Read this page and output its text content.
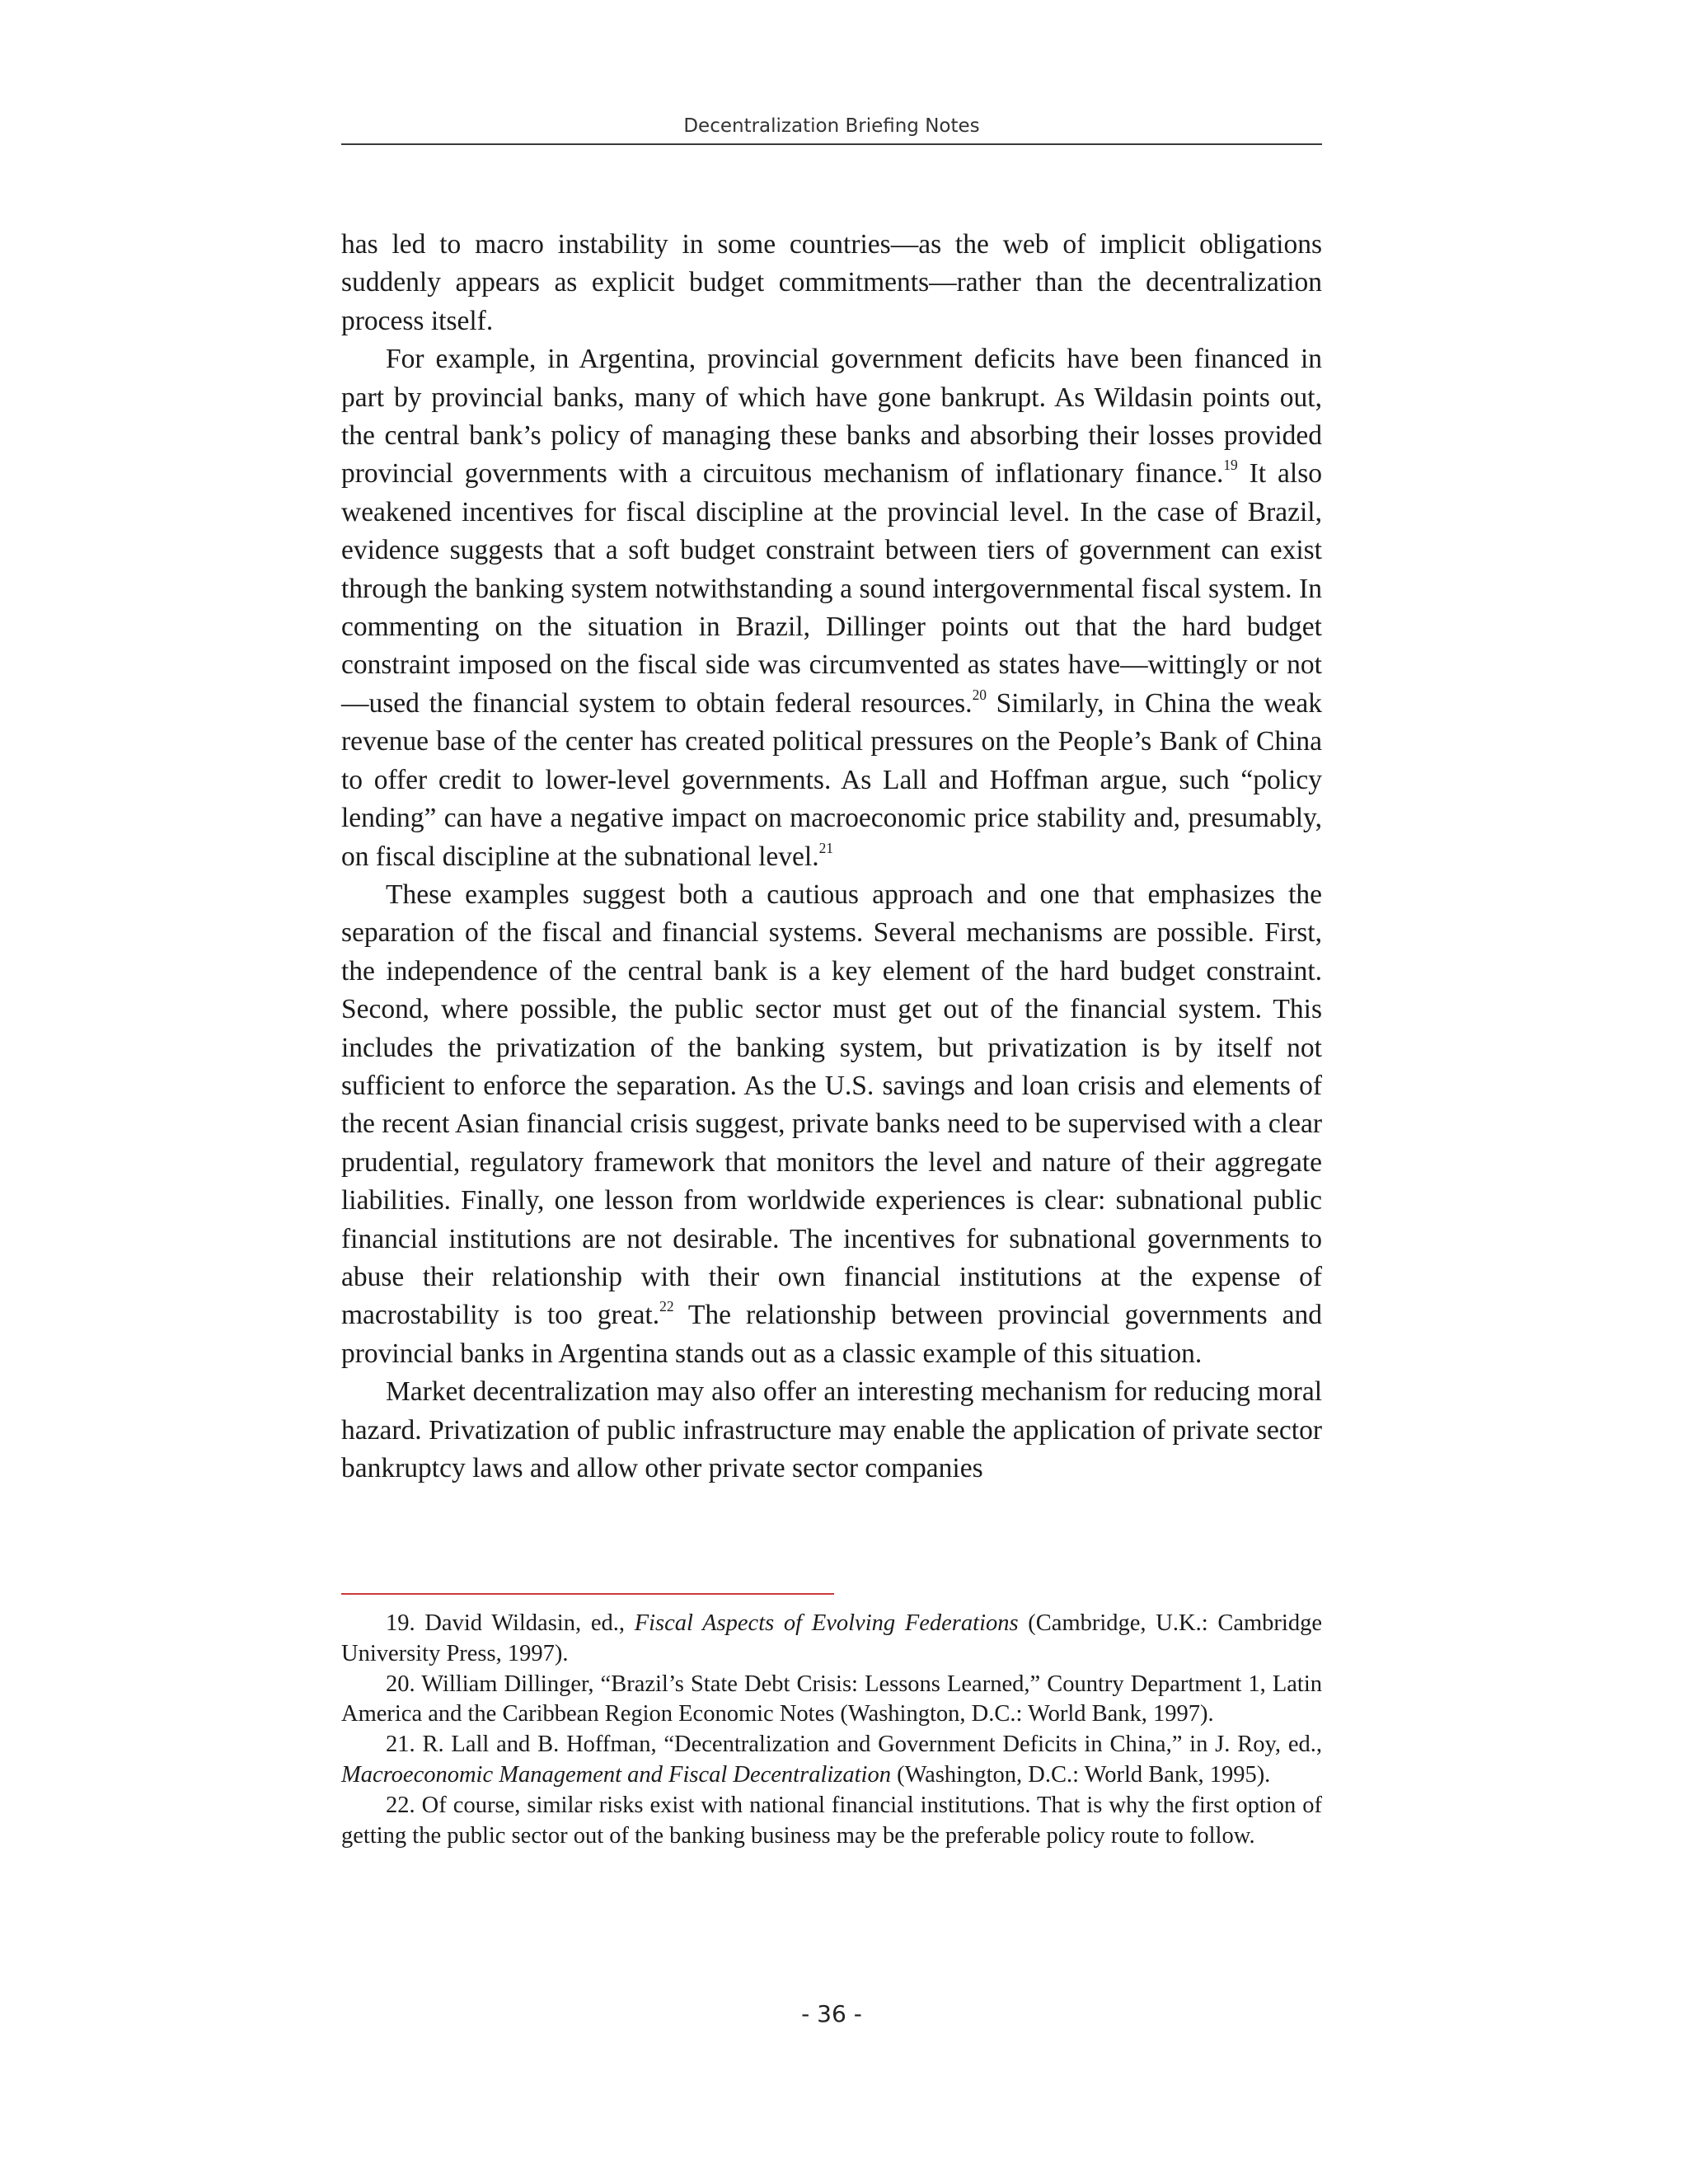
Decentralization Briefing Notes

has led to macro instability in some countries—as the web of implicit obligations suddenly appears as explicit budget commitments—rather than the decentralization process itself.

For example, in Argentina, provincial government deficits have been financed in part by provincial banks, many of which have gone bankrupt. As Wildasin points out, the central bank’s policy of managing these banks and absorbing their losses provided provincial governments with a circuitous mechanism of inflationary finance.$^{19}$ It also weakened incentives for fiscal discipline at the provincial level. In the case of Brazil, evidence suggests that a soft budget constraint between tiers of government can exist through the banking system notwithstanding a sound intergovernmental fiscal system. In commenting on the situation in Brazil, Dillinger points out that the hard budget constraint imposed on the fiscal side was circumvented as states have—wittingly or not—used the financial system to obtain federal resources.$^{20}$ Similarly, in China the weak revenue base of the center has created political pressures on the People’s Bank of China to offer credit to lower-level governments. As Lall and Hoffman argue, such “policy lending” can have a negative impact on macroeconomic price stability and, presumably, on fiscal discipline at the subnational level.$^{21}$

These examples suggest both a cautious approach and one that emphasizes the separation of the fiscal and financial systems. Several mechanisms are possible. First, the independence of the central bank is a key element of the hard budget constraint. Second, where possible, the public sector must get out of the financial system. This includes the privatization of the banking system, but privatization is by itself not sufficient to enforce the separation. As the U.S. savings and loan crisis and elements of the recent Asian financial crisis suggest, private banks need to be supervised with a clear prudential, regulatory framework that monitors the level and nature of their aggregate liabilities. Finally, one lesson from worldwide experiences is clear: subnational public financial institutions are not desirable. The incentives for subnational governments to abuse their relationship with their own financial institutions at the expense of macrostability is too great.$^{22}$ The relationship between provincial governments and provincial banks in Argentina stands out as a classic example of this situation.

Market decentralization may also offer an interesting mechanism for reducing moral hazard. Privatization of public infrastructure may enable the application of private sector bankruptcy laws and allow other private sector companies

19. David Wildasin, ed., Fiscal Aspects of Evolving Federations (Cambridge, U.K.: Cambridge University Press, 1997).

20. William Dillinger, “Brazil’s State Debt Crisis: Lessons Learned,” Country Department 1, Latin America and the Caribbean Region Economic Notes (Washington, D.C.: World Bank, 1997).

21. R. Lall and B. Hoffman, “Decentralization and Government Deficits in China,” in J. Roy, ed., Macroeconomic Management and Fiscal Decentralization (Washington, D.C.: World Bank, 1995).

22. Of course, similar risks exist with national financial institutions. That is why the first option of getting the public sector out of the banking business may be the preferable policy route to follow.

- 36 -
